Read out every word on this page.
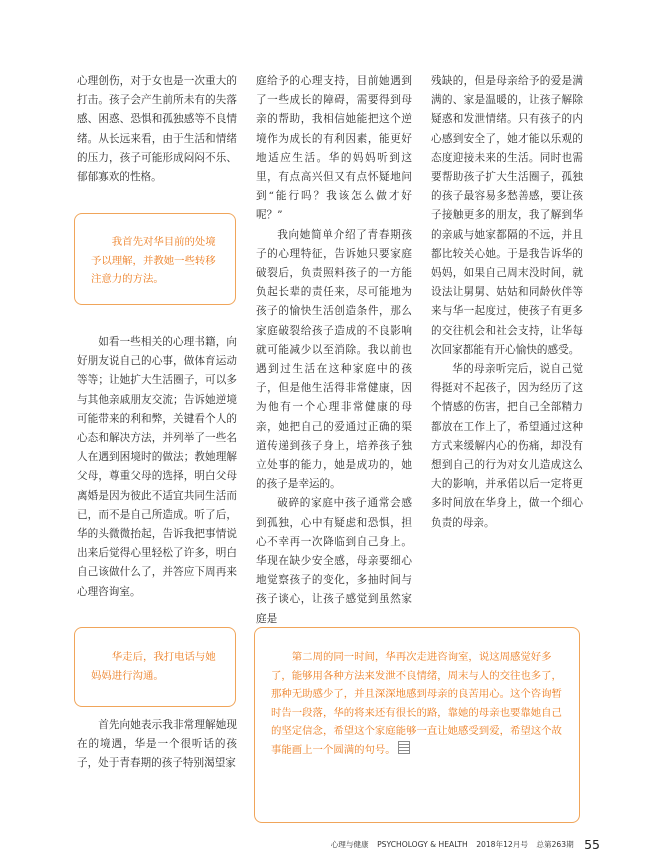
心理创伤，对于女也是一次重大的打击。孩子会产生前所未有的失落感、困惑、恐惧和孤独感等不良情绪。从长远来看，由于生活和情绪的压力，孩子可能形成闷闷不乐、郁郁寡欢的性格。

我首先对华目前的处境予以理解，并教她一些转移注意力的方法。

如看一些相关的心理书籍，向好朋友说自己的心事，做体育运动等等；让她扩大生活圈子，可以多与其他亲戚朋友交流；告诉她逆境可能带来的利和弊，关键看个人的心态和解决方法，并列举了一些名人在遇到困境时的做法；教她理解父母，尊重父母的选择，明白父母离婚是因为彼此不适宜共同生活而已，而不是自己所造成。听了后，华的头微微抬起，告诉我把事情说出来后觉得心里轻松了许多，明白自己该做什么了，并答应下周再来心理咨询室。

华走后，我打电话与她妈妈进行沟通。

首先向她表示我非常理解她现在的境遇，华是一个很听话的孩子，处于青春期的孩子特别渴望家

庭给予的心理支持，目前她遇到了一些成长的障碍，需要得到母亲的帮助，我相信她能把这个逆境作为成长的有利因素，能更好地适应生活。华的妈妈听到这里，有点高兴但又有点怀疑地问到“能行吗？我该怎么做才好呢？”

我向她简单介绍了青春期孩子的心理特征，告诉她只要家庭破裂后，负责照料孩子的一方能负起长辈的责任来，尽可能地为孩子的愉快生活创造条件，那么家庭破裂给孩子造成的不良影响就可能减少以至消除。我以前也遇到过生活在这种家庭中的孩子，但是他生活得非常健康，因为他有一个心理非常健康的母亲，她把自己的爱通过正确的渠道传递到孩子身上，培养孩子独立处事的能力，她是成功的，她的孩子是幸运的。

破碎的家庭中孩子通常会感到孤独，心中有疑虑和恐惧，担心不幸再一次降临到自己身上。华现在缺少安全感，母亲要细心地觉察孩子的变化，多抽时间与孩子谈心，让孩子感觉到虽然家庭是

残缺的，但是母亲给予的爱是满满的、家是温暖的，让孩子解除疑惑和发泄情绪。只有孩子的内心感到安全了，她才能以乐观的态度迎接未来的生活。同时也需要帮助孩子扩大生活圈子，孤独的孩子最容易多愁善感，要让孩子接触更多的朋友，我了解到华的亲戚与她家都隔的不远，并且都比较关心她。于是我告诉华的妈妈，如果自己周末没时间，就设法让舅舅、姑姑和同龄伙伴等来与华一起度过，使孩子有更多的交往机会和社会支持，让华每次回家都能有开心愉快的感受。

华的母亲听完后，说自己觉得挺对不起孩子，因为经历了这个情感的伤害，把自己全部精力都放在工作上了，希望通过这种方式来缓解内心的伤痛，却没有想到自己的行为对女儿造成这么大的影响，并承偌以后一定将更多时间放在华身上，做一个细心负责的母亲。

第二周的同一时间，华再次走进咨询室，说这周感觉好多了，能够用各种方法来发泄不良情绪，周末与人的交往也多了，那种无助感少了，并且深深地感到母亲的良苦用心。这个咨询暂时告一段落，华的将来还有很长的路，靠她的母亲也要靠她自己的坚定信念，希望这个家庭能够一直让她感受到爱，希望这个故事能画上一个圆满的句号。

心理与健康 PSYCHOLOGY & HEALTH 2018年12月号 总第263期 55
